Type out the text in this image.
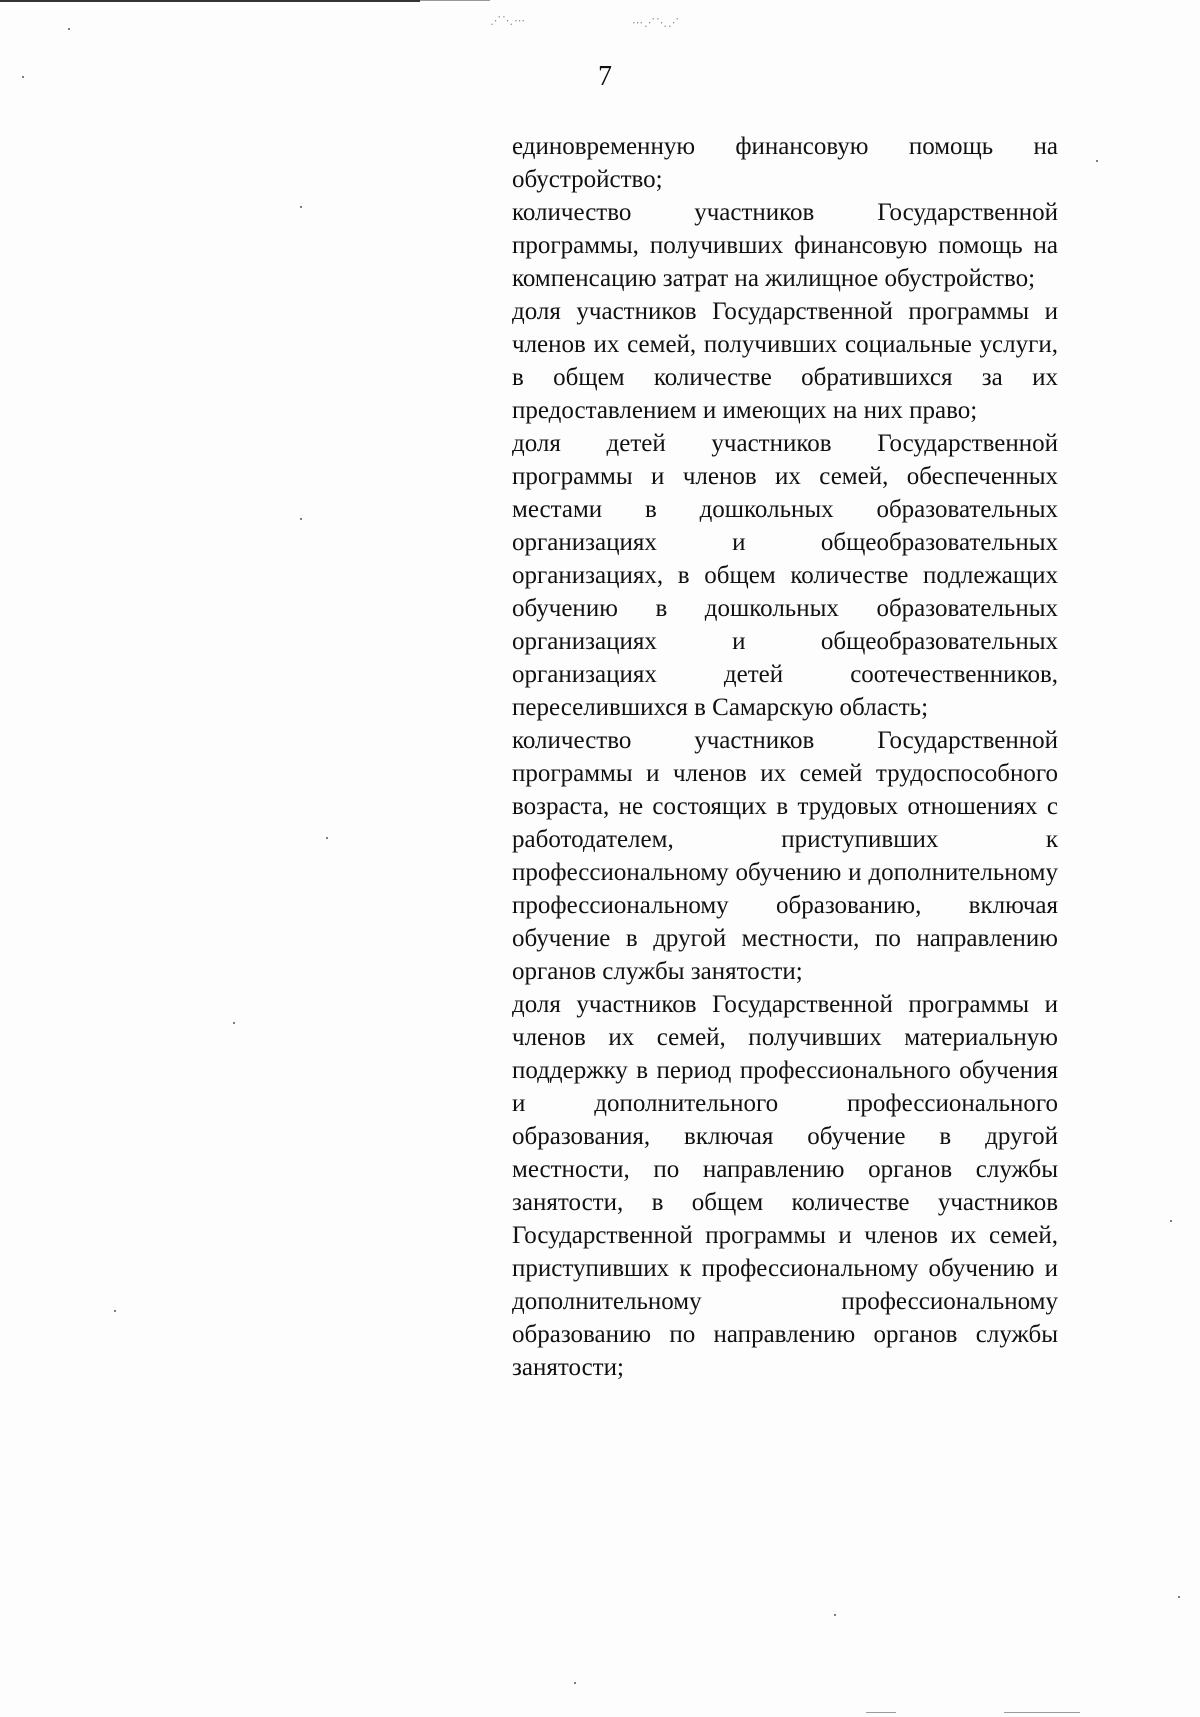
⋰⋱⋯	⋯⋰⋱⋰
7

единовременную финансовую помощь на обустройство;

количество участников Государственной программы, получивших финансовую помощь на компенсацию затрат на жилищное обустройство;

доля участников Государственной программы и членов их семей, получивших социальные услуги, в общем количестве обратившихся за их предоставлением и имеющих на них право;

доля детей участников Государственной программы и членов их семей, обеспеченных местами в дошкольных образовательных организациях и общеобразовательных организациях, в общем количестве подлежащих обучению в дошкольных образовательных организациях и общеобразовательных организациях детей соотечественников, переселившихся в Самарскую область;

количество участников Государственной программы и членов их семей трудоспособного возраста, не состоящих в трудовых отношениях с работодателем, приступивших к профессиональному обучению и дополнительному профессиональному образованию, включая обучение в другой местности, по направлению органов службы занятости;

доля участников Государственной программы и членов их семей, получивших материальную поддержку в период профессионального обучения и дополнительного профессионального образования, включая обучение в другой местности, по направлению органов службы занятости, в общем количестве участников Государственной программы и членов их семей, приступивших к профессиональному обучению и дополнительному профессиональному образованию по направлению органов службы занятости;
